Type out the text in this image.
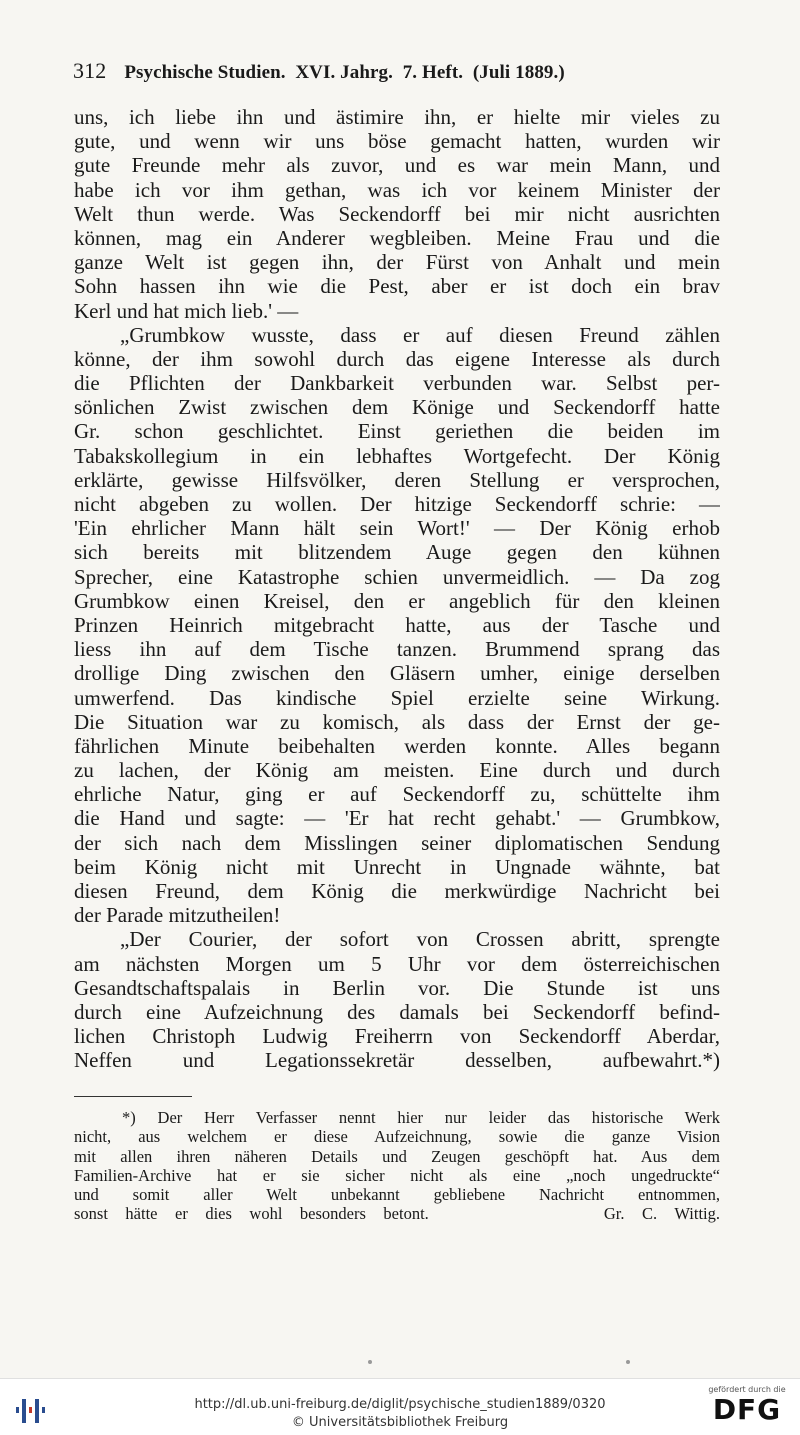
312 Psychische Studien.  XVI. Jahrg.  7. Heft.  (Juli 1889.)
uns, ich liebe ihn und ästimire ihn, er hielte mir vieles zu
gute, und wenn wir uns böse gemacht hatten, wurden wir
gute Freunde mehr als zuvor, und es war mein Mann, und
habe ich vor ihm gethan, was ich vor keinem Minister der
Welt thun werde. Was Seckendorff bei mir nicht ausrichten
können, mag ein Anderer wegbleiben. Meine Frau und die
ganze Welt ist gegen ihn, der Fürst von Anhalt und mein
Sohn hassen ihn wie die Pest, aber er ist doch ein brav
Kerl und hat mich lieb.' —
„Grumbkow wusste, dass er auf diesen Freund zählen
könne, der ihm sowohl durch das eigene Interesse als durch
die Pflichten der Dankbarkeit verbunden war. Selbst per-
sönlichen Zwist zwischen dem Könige und Seckendorff hatte
Gr. schon geschlichtet. Einst geriethen die beiden im
Tabakskollegium in ein lebhaftes Wortgefecht. Der König
erklärte, gewisse Hilfsvölker, deren Stellung er versprochen,
nicht abgeben zu wollen. Der hitzige Seckendorff schrie: —
'Ein ehrlicher Mann hält sein Wort!' — Der König erhob
sich bereits mit blitzendem Auge gegen den kühnen
Sprecher, eine Katastrophe schien unvermeidlich. — Da zog
Grumbkow einen Kreisel, den er angeblich für den kleinen
Prinzen Heinrich mitgebracht hatte, aus der Tasche und
liess ihn auf dem Tische tanzen. Brummend sprang das
drollige Ding zwischen den Gläsern umher, einige derselben
umwerfend. Das kindische Spiel erzielte seine Wirkung.
Die Situation war zu komisch, als dass der Ernst der ge-
fährlichen Minute beibehalten werden konnte. Alles begann
zu lachen, der König am meisten. Eine durch und durch
ehrliche Natur, ging er auf Seckendorff zu, schüttelte ihm
die Hand und sagte: — 'Er hat recht gehabt.' — Grumbkow,
der sich nach dem Misslingen seiner diplomatischen Sendung
beim König nicht mit Unrecht in Ungnade wähnte, bat
diesen Freund, dem König die merkwürdige Nachricht bei
der Parade mitzutheilen!
„Der Courier, der sofort von Crossen abritt, sprengte
am nächsten Morgen um 5 Uhr vor dem österreichischen
Gesandtschaftspalais in Berlin vor. Die Stunde ist uns
durch eine Aufzeichnung des damals bei Seckendorff befind-
lichen Christoph Ludwig Freiherrn von Seckendorff Aberdar,
Neffen und Legationssekretär desselben, aufbewahrt.*)
*) Der Herr Verfasser nennt hier nur leider das historische Werk
nicht, aus welchem er diese Aufzeichnung, sowie die ganze Vision
mit allen ihren näheren Details und Zeugen geschöpft hat. Aus dem
Familien-Archive hat er sie sicher nicht als eine „noch ungedruckte“
und somit aller Welt unbekannt gebliebene Nachricht entnommen,
sonst hätte er dies wohl besonders betont.          Gr. C. Wittig.
http://dl.ub.uni-freiburg.de/diglit/psychische_studien1889/0320
© Universitätsbibliothek Freiburg
gefördert durch die
DFG
